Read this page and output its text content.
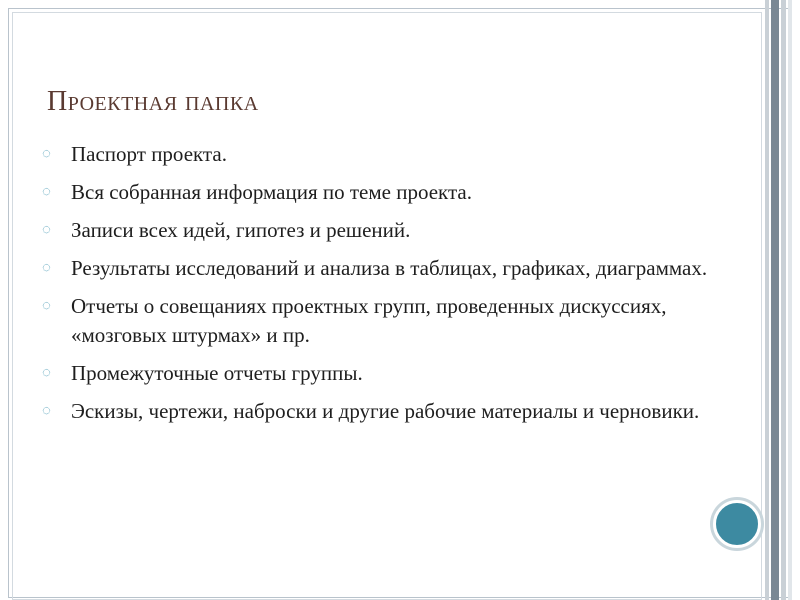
Проектная папка
◌ Паспорт проекта.
◌ Вся собранная информация по теме проекта.
◌ Записи всех идей, гипотез и решений.
◌ Результаты исследований и анализа в таблицах, графиках, диаграммах.
◌ Отчеты о совещаниях проектных групп, проведенных дискуссиях, «мозговых штурмах» и пр.
◌ Промежуточные отчеты группы.
◌ Эскизы, чертежи, наброски и другие рабочие материалы и черновики.
